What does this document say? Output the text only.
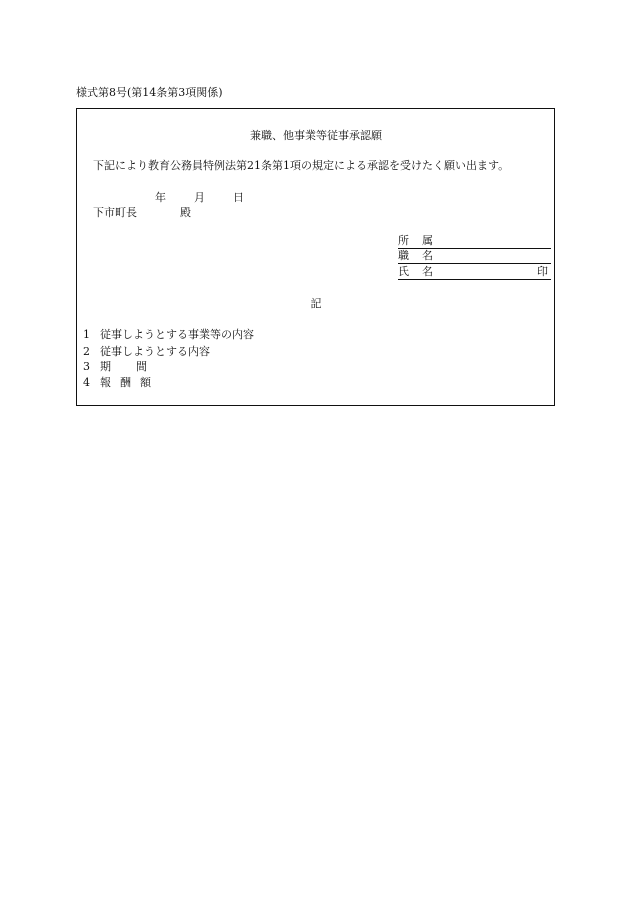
様式第8号(第14条第3項関係)
兼職、他事業等従事承認願
下記により教育公務員特例法第21条第1項の規定による承認を受けたく願い出ます。
年	月	日
下市町長	殿
所 属
職 名
氏 名	印
記
1 従事しようとする事業等の内容
2 従事しようとする内容
3 期 間
4 報 酬 額
